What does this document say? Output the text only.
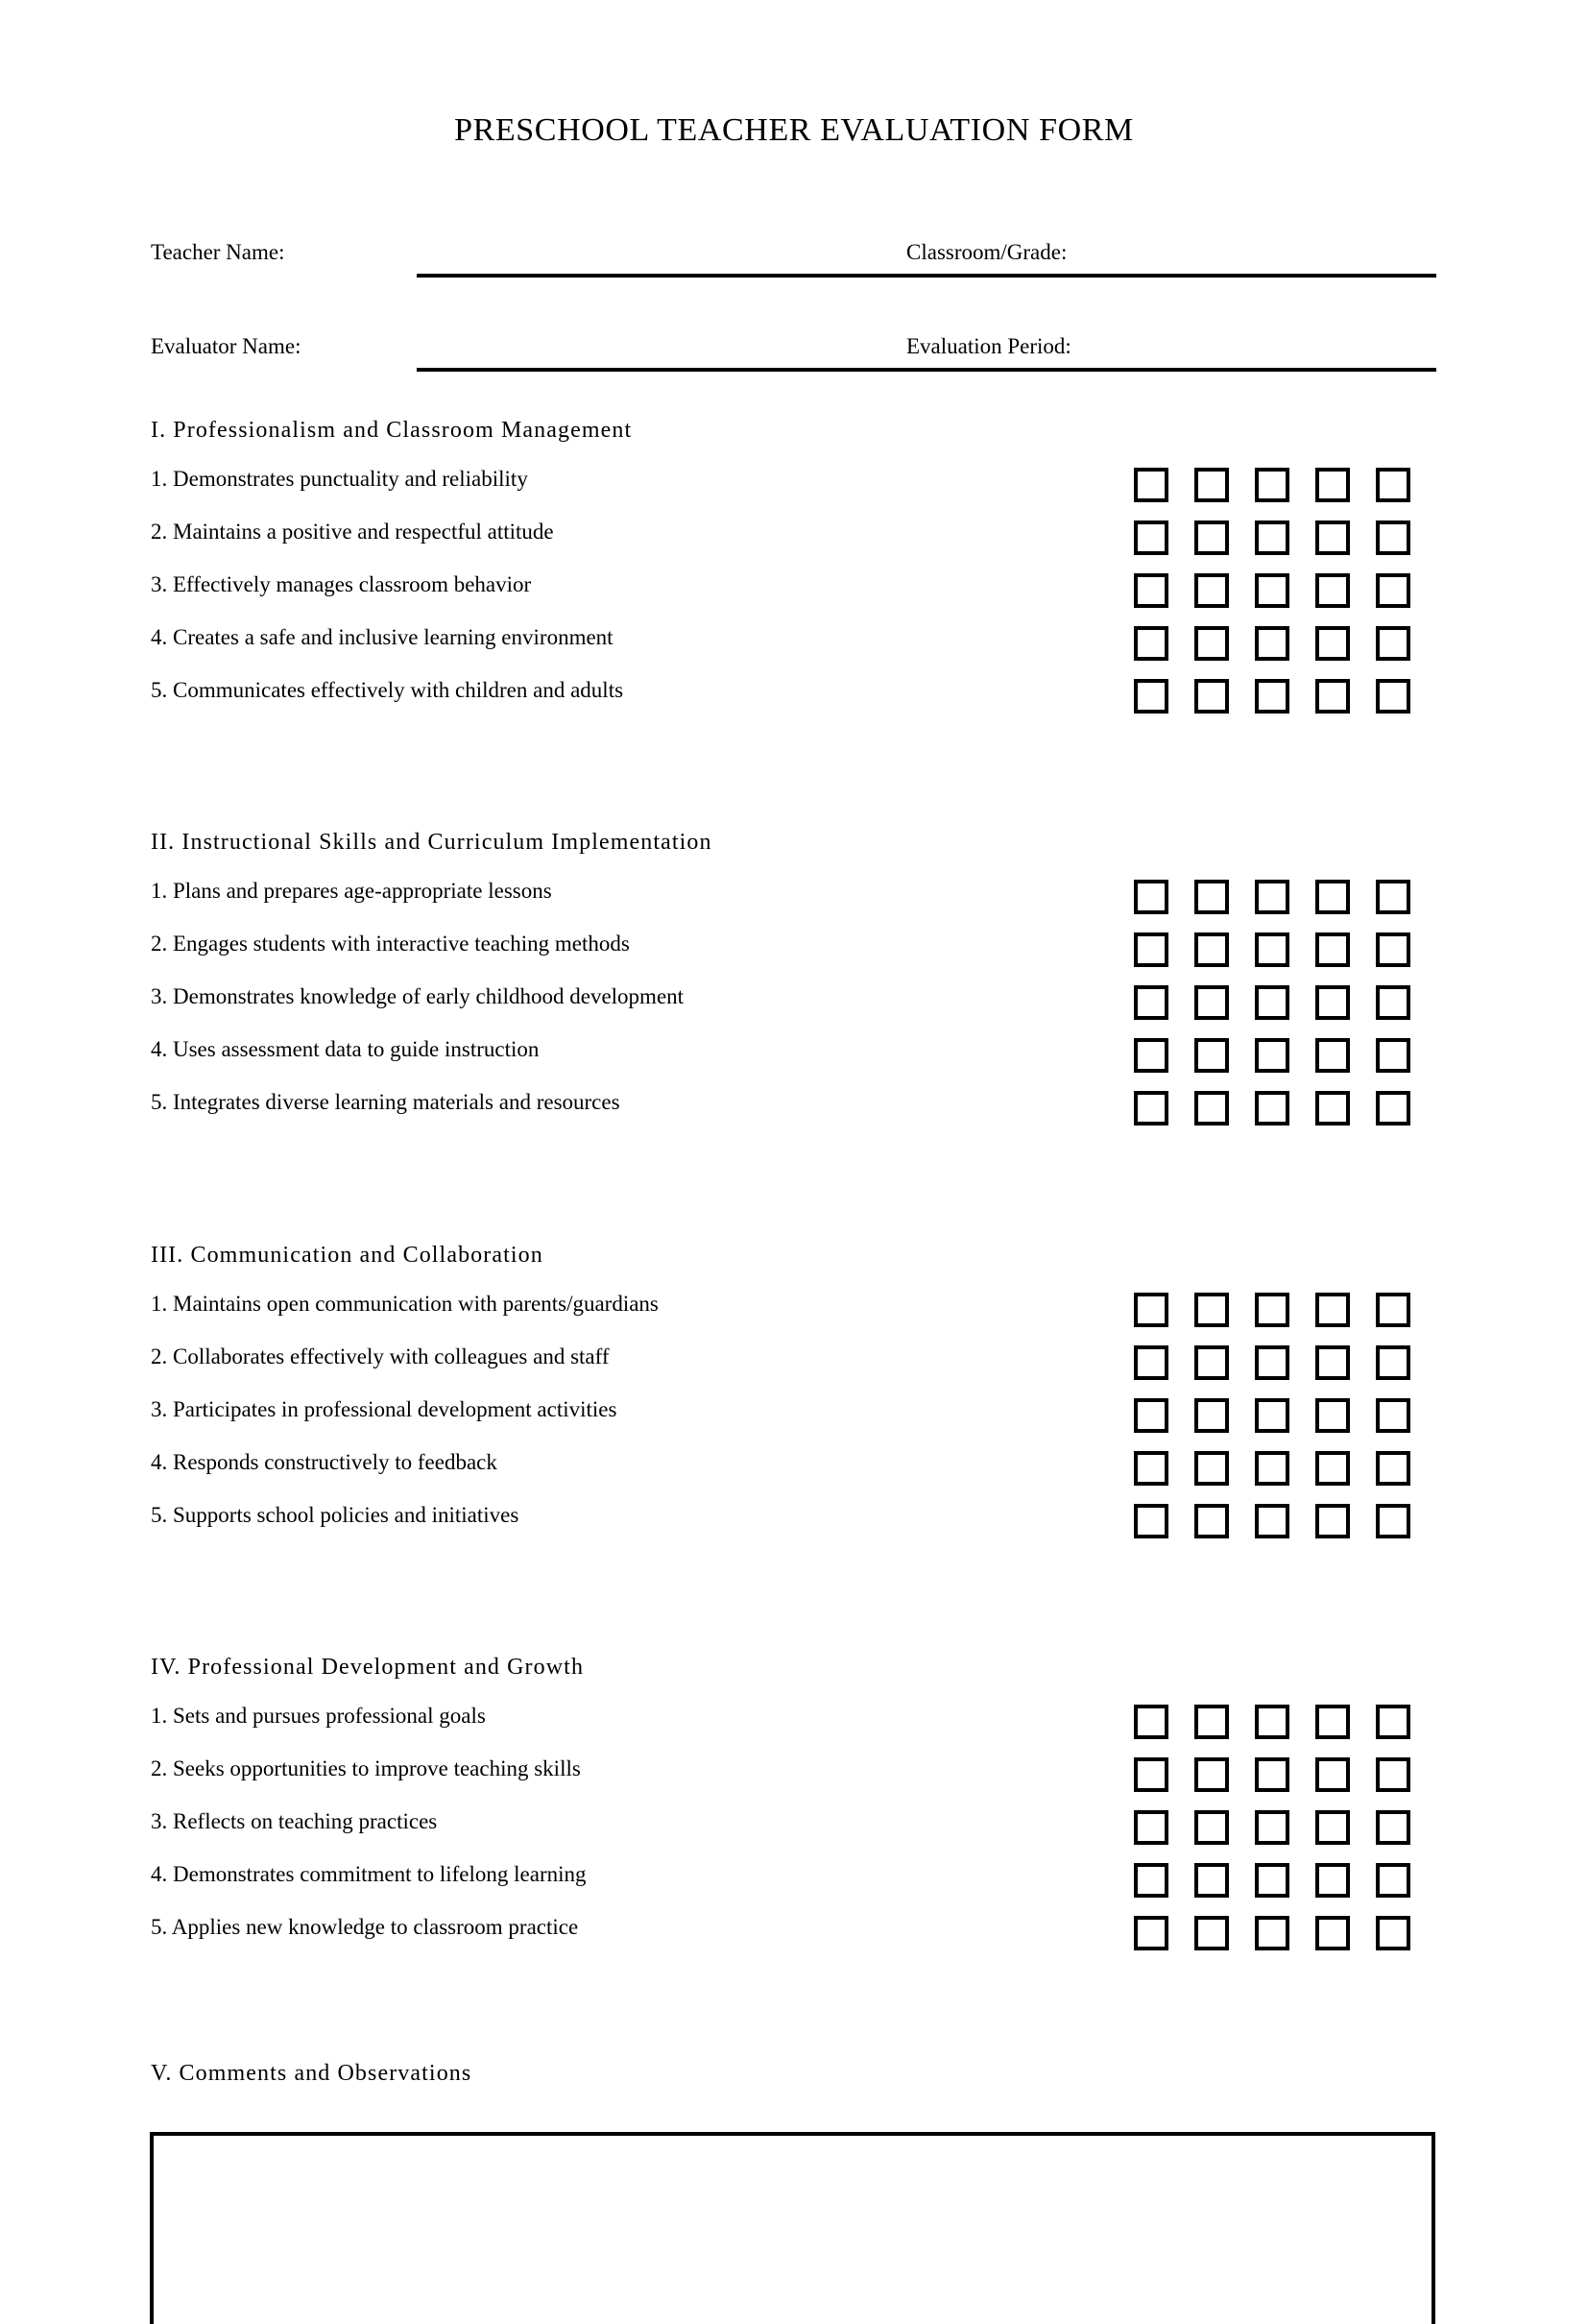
PRESCHOOL TEACHER EVALUATION FORM
Teacher Name:	Classroom/Grade:
Evaluator Name:	Evaluation Period:
I. Professionalism and Classroom Management
1. Demonstrates punctuality and reliability
2. Maintains a positive and respectful attitude
3. Effectively manages classroom behavior
4. Creates a safe and inclusive learning environment
5. Communicates effectively with children and adults
II. Instructional Skills and Curriculum Implementation
1. Plans and prepares age-appropriate lessons
2. Engages students with interactive teaching methods
3. Demonstrates knowledge of early childhood development
4. Uses assessment data to guide instruction
5. Integrates diverse learning materials and resources
III. Communication and Collaboration
1. Maintains open communication with parents/guardians
2. Collaborates effectively with colleagues and staff
3. Participates in professional development activities
4. Responds constructively to feedback
5. Supports school policies and initiatives
IV. Professional Development and Growth
1. Sets and pursues professional goals
2. Seeks opportunities to improve teaching skills
3. Reflects on teaching practices
4. Demonstrates commitment to lifelong learning
5. Applies new knowledge to classroom practice
V. Comments and Observations
